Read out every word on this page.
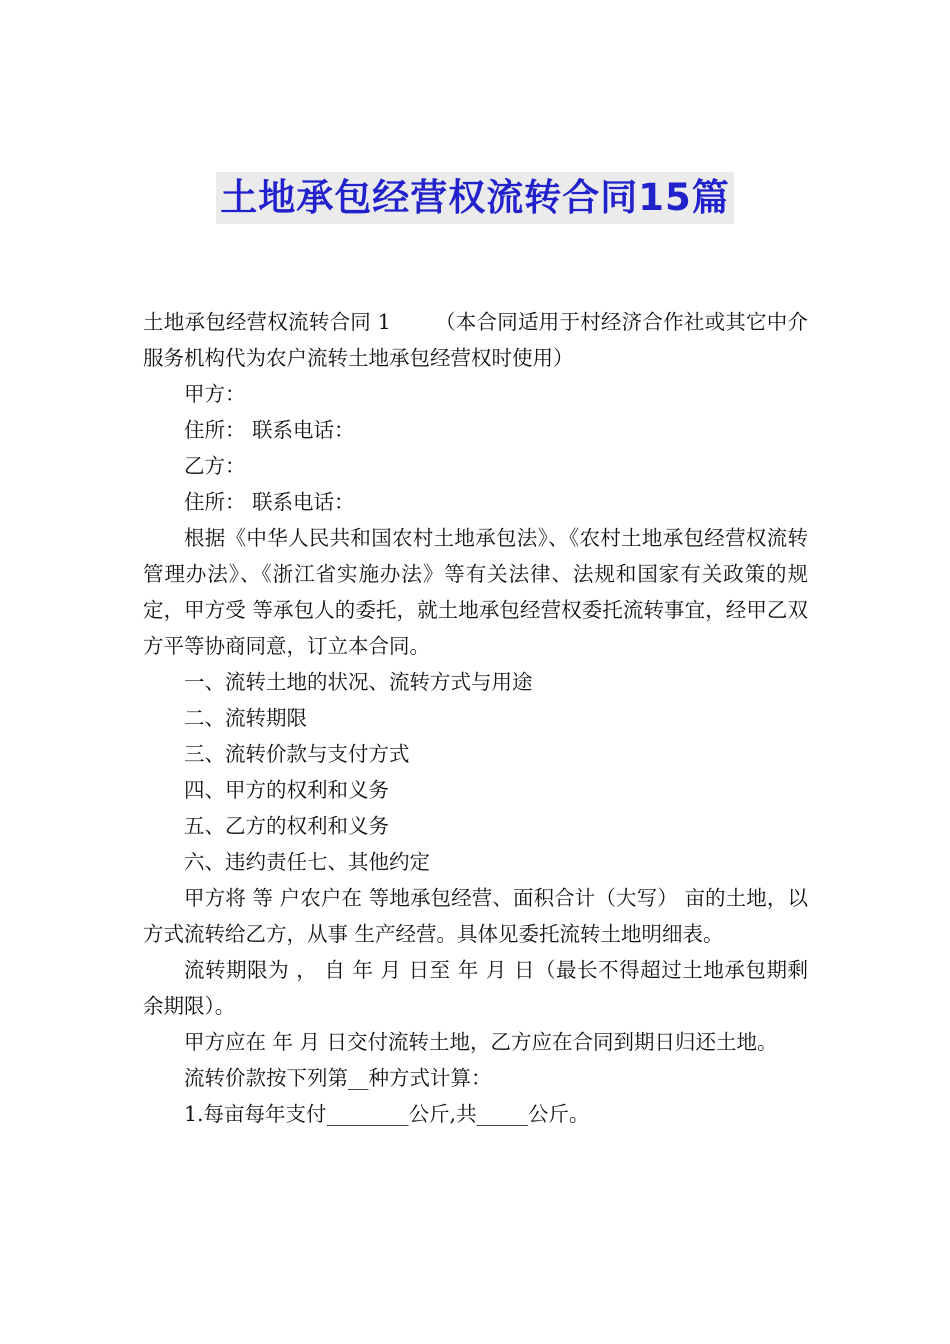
土地承包经营权流转合同15篇

土地承包经营权流转合同 1 （本合同适用于村经济合作社或其它中介服务机构代为农户流转土地承包经营权时使用）

甲方：

住所： 联系电话：

乙方：

住所： 联系电话：

根据《中华人民共和国农村土地承包法》、《农村土地承包经营权流转管理办法》、《浙江省实施办法》等有关法律、法规和国家有关政策的规定，甲方受 等承包人的委托，就土地承包经营权委托流转事宜，经甲乙双方平等协商同意，订立本合同。

一、流转土地的状况、流转方式与用途

二、流转期限

三、流转价款与支付方式

四、甲方的权利和义务

五、乙方的权利和义务

六、违约责任七、其他约定

甲方将 等 户农户在 等地承包经营、面积合计（大写） 亩的土地，以 方式流转给乙方，从事 生产经营。具体见委托流转土地明细表。

流转期限为 ， 自 年 月 日至 年 月 日（最长不得超过土地承包期剩余期限）。

甲方应在 年 月 日交付流转土地，乙方应在合同到期日归还土地。

流转价款按下列第__种方式计算：

1.每亩每年支付________公斤,共_____公斤。
